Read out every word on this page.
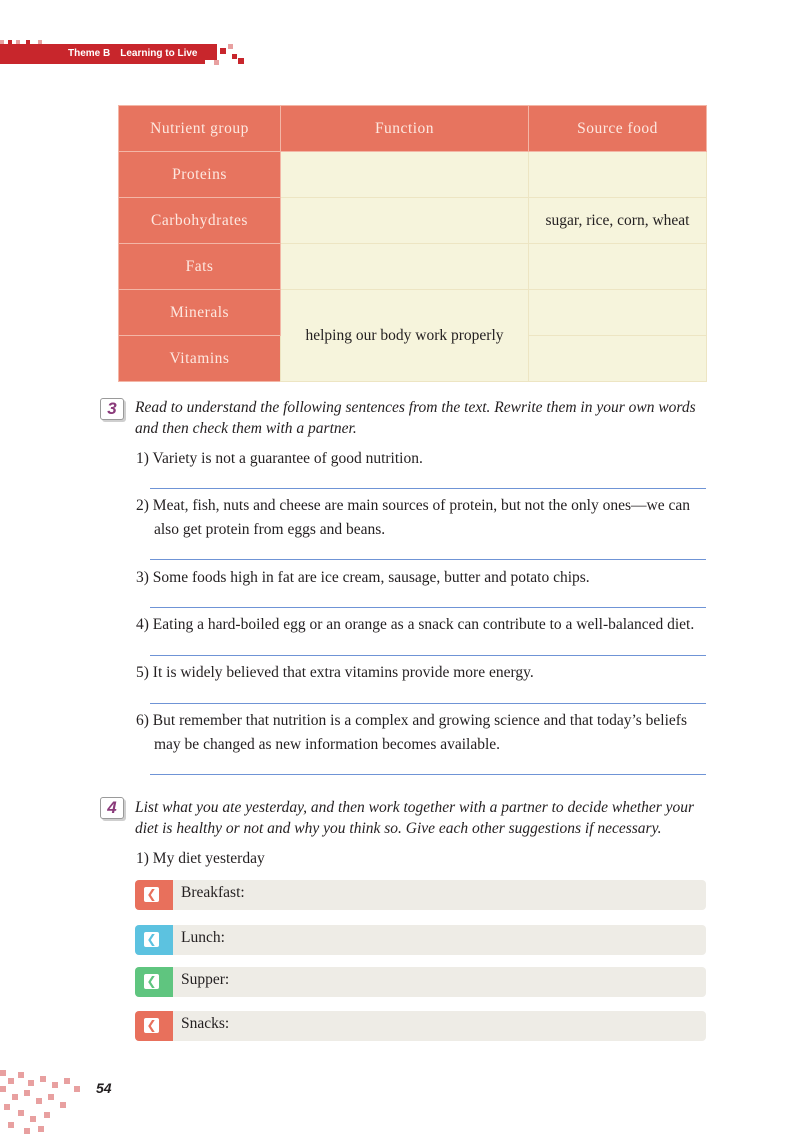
Theme B Learning to Live
Nutrient group	Function	Source food
Proteins		
Carbohydrates		sugar, rice, corn, wheat
Fats		
Minerals	helping our body work properly	
Vitamins		
3	Read to understand the following sentences from the text. Rewrite them in your own words and then check them with a partner.
1) Variety is not a guarantee of good nutrition.
2) Meat, fish, nuts and cheese are main sources of protein, but not the only ones—we can
also get protein from eggs and beans.
3) Some foods high in fat are ice cream, sausage, butter and potato chips.
4) Eating a hard-boiled egg or an orange as a snack can contribute to a well-balanced diet.
5) It is widely believed that extra vitamins provide more energy.
6) But remember that nutrition is a complex and growing science and that today’s beliefs
may be changed as new information becomes available.
4	List what you ate yesterday, and then work together with a partner to decide whether your diet is healthy or not and why you think so. Give each other suggestions if necessary.
1) My diet yesterday
❮ Breakfast:
❮ Lunch:
❮ Supper:
❮ Snacks:
54
